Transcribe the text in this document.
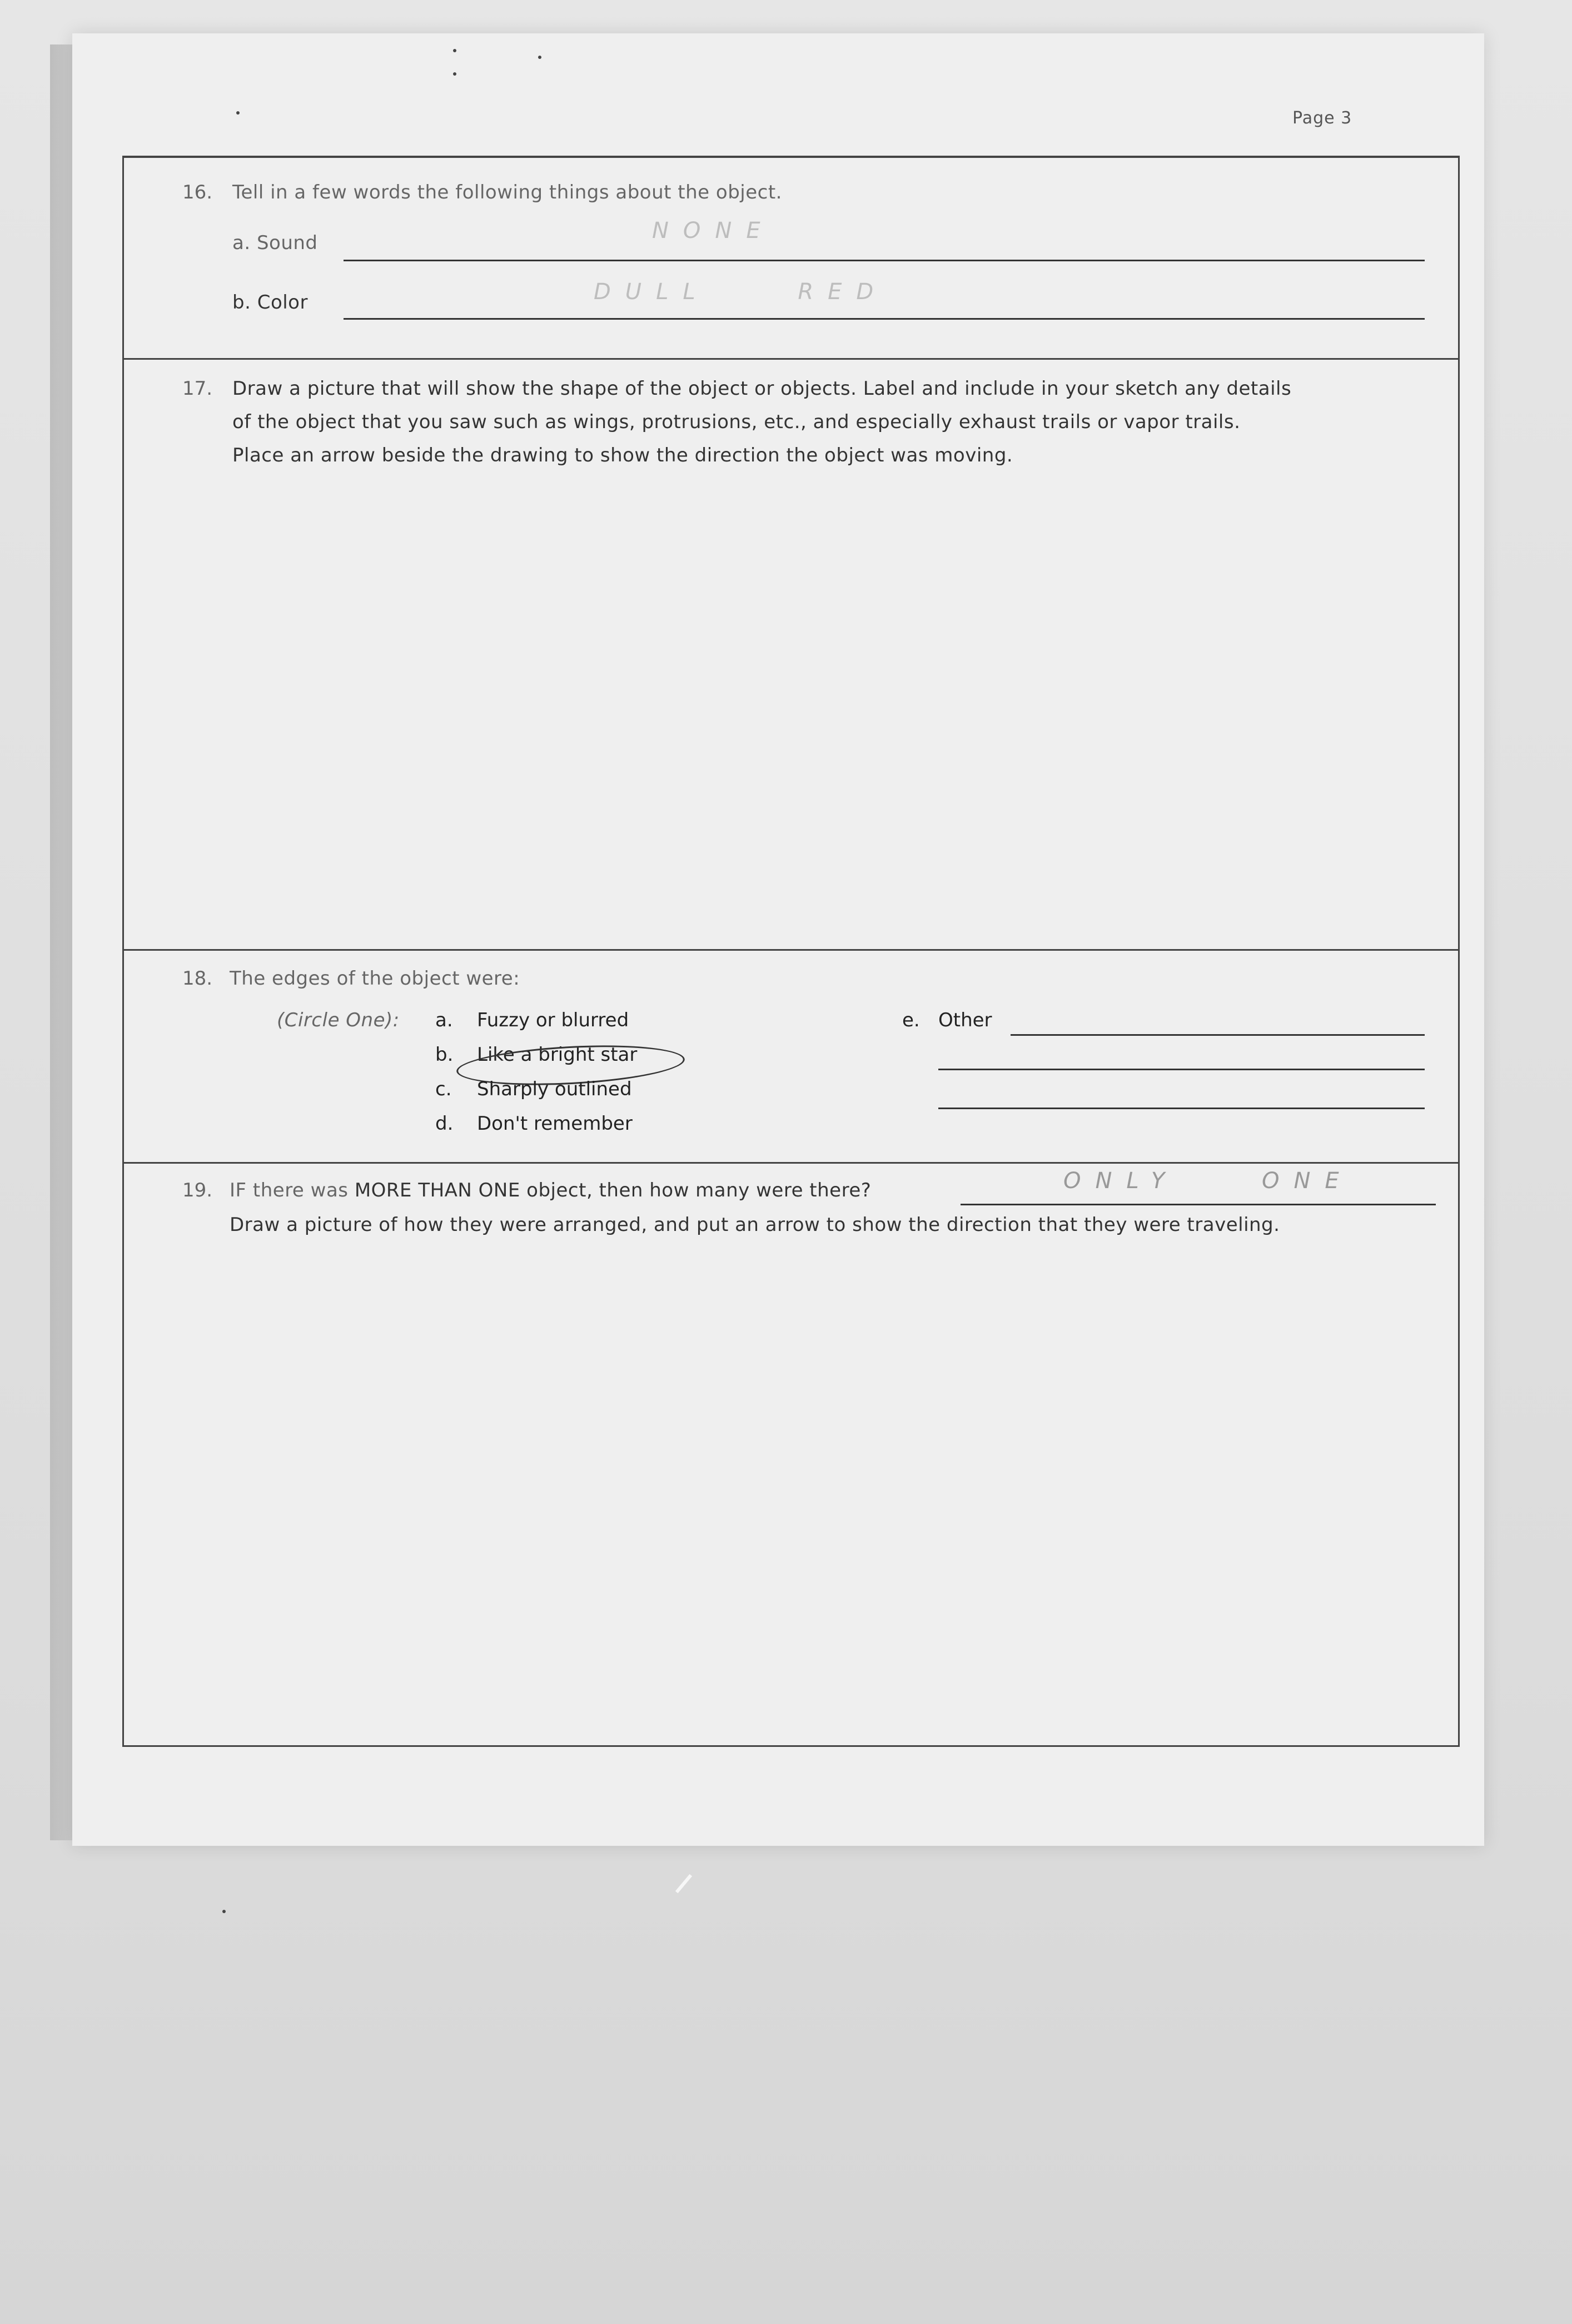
Page 3
16. Tell in a few words the following things about the object.
a. Sound	NONE
b. Color	DULL RED
17. Draw a picture that will show the shape of the object or objects. Label and include in your sketch any details
of the object that you saw such as wings, protrusions, etc., and especially exhaust trails or vapor trails.
Place an arrow beside the drawing to show the direction the object was moving.
18. The edges of the object were:
(Circle One): a. Fuzzy or blurred
b. Like a bright star
c. Sharply outlined
d. Don't remember
e. Other
19. IF there was MORE THAN ONE object, then how many were there?	ONLY ONE
Draw a picture of how they were arranged, and put an arrow to show the direction that they were traveling.
